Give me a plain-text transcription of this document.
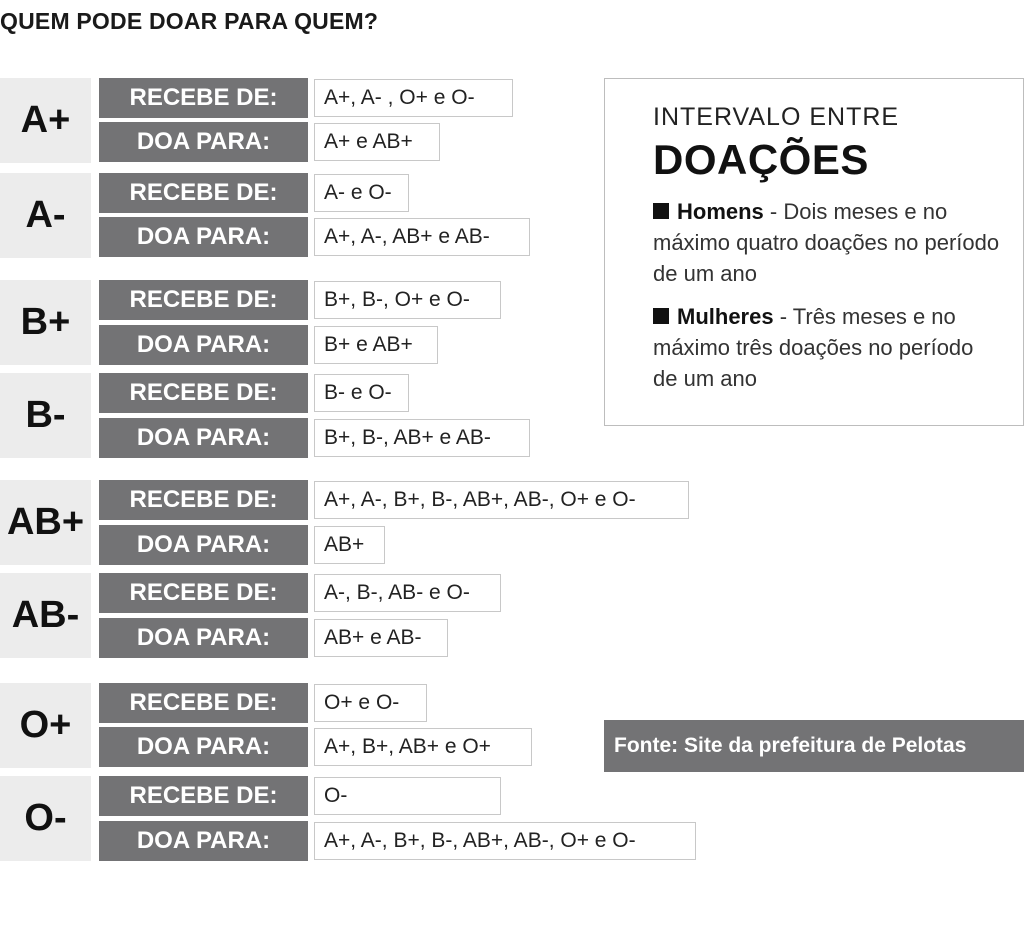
QUEM PODE DOAR PARA QUEM?
A+
RECEBE DE:	A+, A- , O+ e O-
DOA PARA:	A+ e AB+
A-
RECEBE DE:	A- e O-
DOA PARA:	A+, A-, AB+ e AB-
B+
RECEBE DE:	B+, B-, O+ e O-
DOA PARA:	B+ e AB+
B-
RECEBE DE:	B- e O-
DOA PARA:	B+, B-, AB+ e AB-
AB+
RECEBE DE:	A+, A-, B+, B-, AB+, AB-, O+ e O-
DOA PARA:	AB+
AB-
RECEBE DE:	A-, B-, AB- e O-
DOA PARA:	AB+ e AB-
O+
RECEBE DE:	O+ e O-
DOA PARA:	A+, B+, AB+ e O+
O-
RECEBE DE:	O-
DOA PARA:	A+, A-, B+, B-, AB+, AB-, O+ e O-
INTERVALO ENTRE
DOAÇÕES
Homens - Dois meses e no máximo quatro doações no período de um ano
Mulheres - Três meses e no máximo três doações no período de um ano
Fonte: Site da prefeitura de Pelotas
